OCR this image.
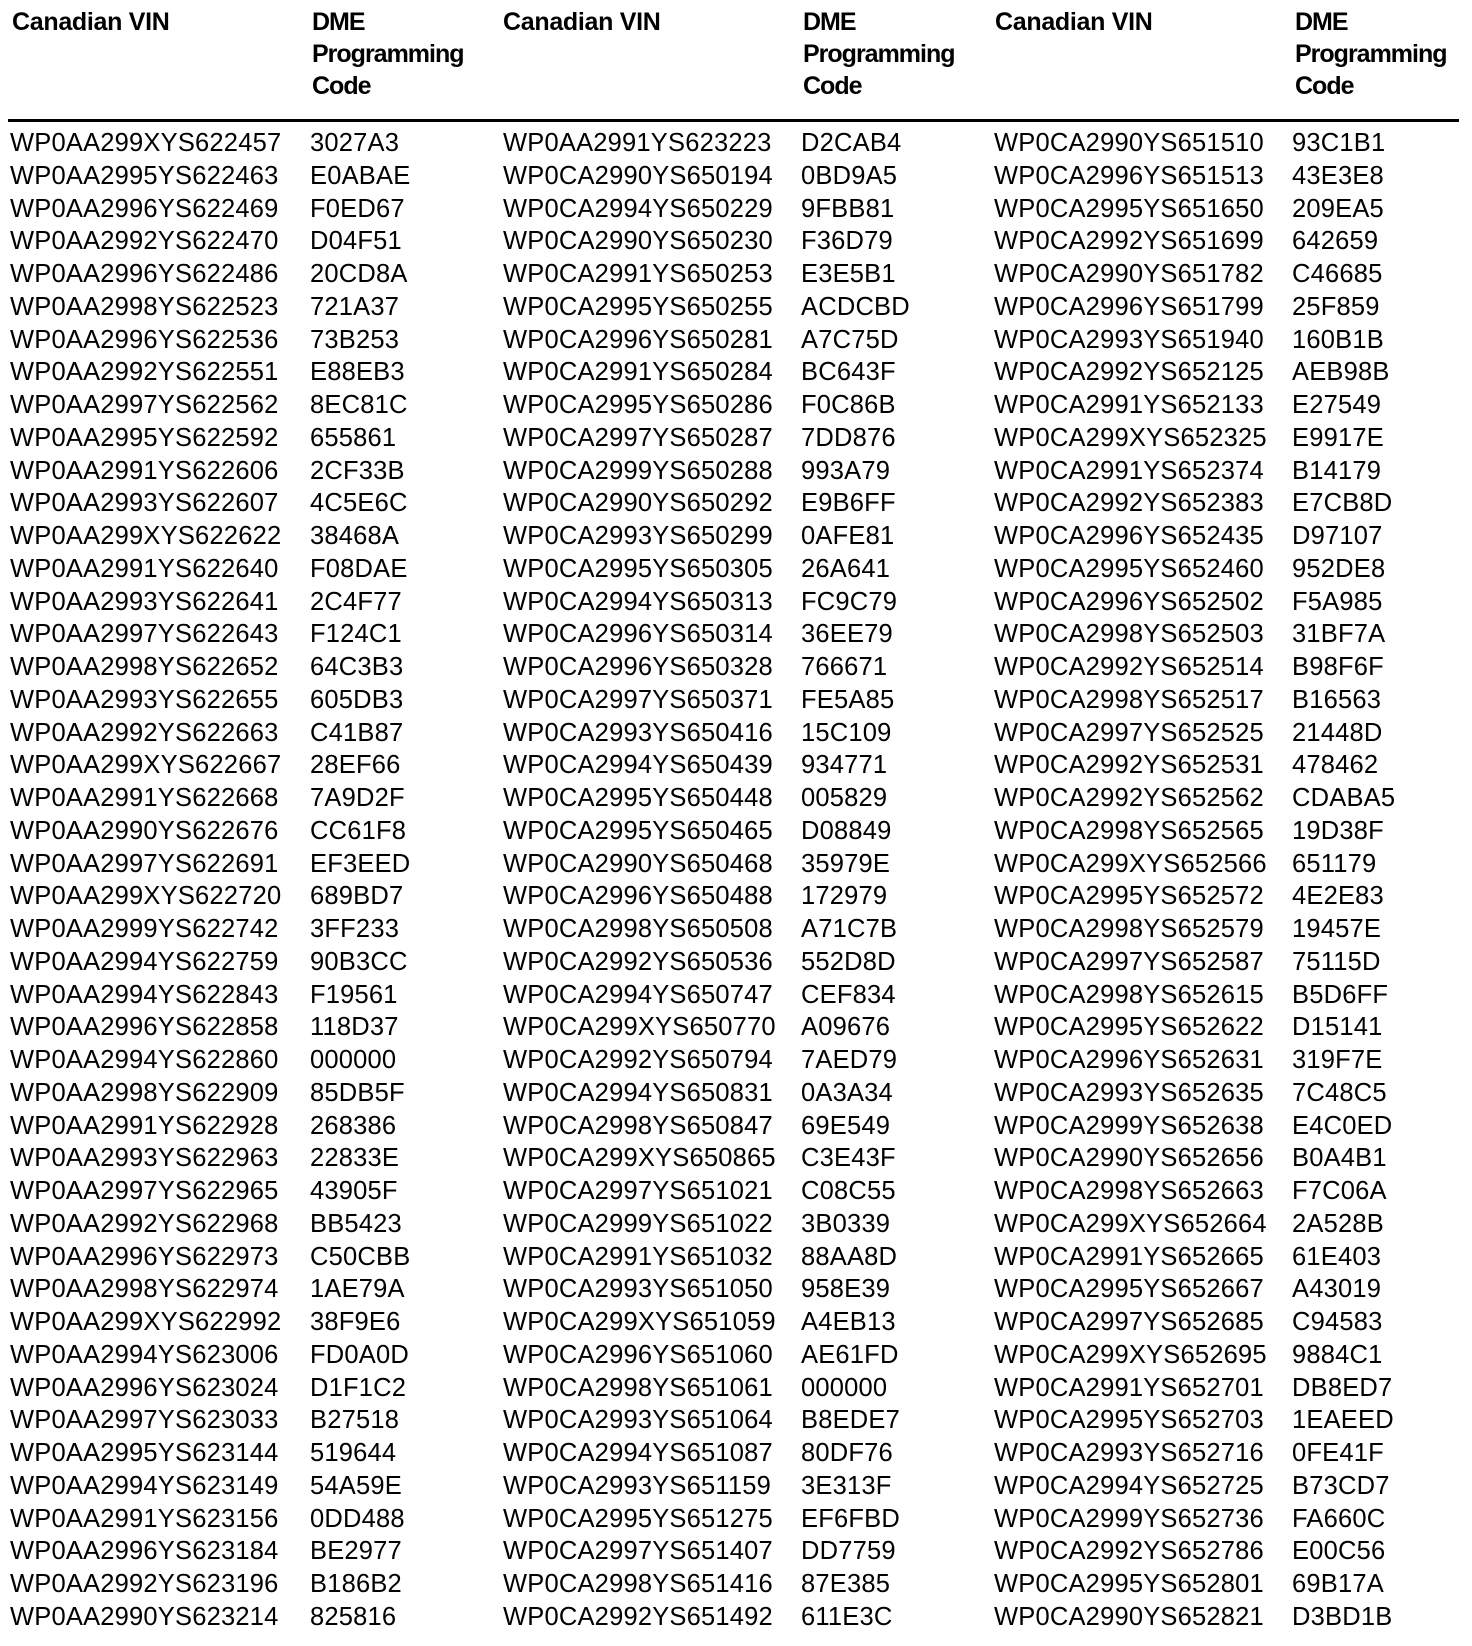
Canadian VIN	DME
Programming
Code
Canadian VIN	DME
Programming
Code
Canadian VIN	DME
Programming
Code
WP0AA299XYS622457 3027A3
WP0AA2995YS622463 E0ABAE
WP0AA2996YS622469 F0ED67
WP0AA2992YS622470 D04F51
WP0AA2996YS622486 20CD8A
WP0AA2998YS622523 721A37
WP0AA2996YS622536 73B253
WP0AA2992YS622551 E88EB3
WP0AA2997YS622562 8EC81C
WP0AA2995YS622592 655861
WP0AA2991YS622606 2CF33B
WP0AA2993YS622607 4C5E6C
WP0AA299XYS622622 38468A
WP0AA2991YS622640 F08DAE
WP0AA2993YS622641 2C4F77
WP0AA2997YS622643 F124C1
WP0AA2998YS622652 64C3B3
WP0AA2993YS622655 605DB3
WP0AA2992YS622663 C41B87
WP0AA299XYS622667 28EF66
WP0AA2991YS622668 7A9D2F
WP0AA2990YS622676 CC61F8
WP0AA2997YS622691 EF3EED
WP0AA299XYS622720 689BD7
WP0AA2999YS622742 3FF233
WP0AA2994YS622759 90B3CC
WP0AA2994YS622843 F19561
WP0AA2996YS622858 118D37
WP0AA2994YS622860 000000
WP0AA2998YS622909 85DB5F
WP0AA2991YS622928 268386
WP0AA2993YS622963 22833E
WP0AA2997YS622965 43905F
WP0AA2992YS622968 BB5423
WP0AA2996YS622973 C50CBB
WP0AA2998YS622974 1AE79A
WP0AA299XYS622992 38F9E6
WP0AA2994YS623006 FD0A0D
WP0AA2996YS623024 D1F1C2
WP0AA2997YS623033 B27518
WP0AA2995YS623144 519644
WP0AA2994YS623149 54A59E
WP0AA2991YS623156 0DD488
WP0AA2996YS623184 BE2977
WP0AA2992YS623196 B186B2
WP0AA2990YS623214 825816
WP0AA2991YS623223 D2CAB4
WP0CA2990YS650194 0BD9A5
WP0CA2994YS650229 9FBB81
WP0CA2990YS650230 F36D79
WP0CA2991YS650253 E3E5B1
WP0CA2995YS650255 ACDCBD
WP0CA2996YS650281 A7C75D
WP0CA2991YS650284 BC643F
WP0CA2995YS650286 F0C86B
WP0CA2997YS650287 7DD876
WP0CA2999YS650288 993A79
WP0CA2990YS650292 E9B6FF
WP0CA2993YS650299 0AFE81
WP0CA2995YS650305 26A641
WP0CA2994YS650313 FC9C79
WP0CA2996YS650314 36EE79
WP0CA2996YS650328 766671
WP0CA2997YS650371 FE5A85
WP0CA2993YS650416 15C109
WP0CA2994YS650439 934771
WP0CA2995YS650448 005829
WP0CA2995YS650465 D08849
WP0CA2990YS650468 35979E
WP0CA2996YS650488 172979
WP0CA2998YS650508 A71C7B
WP0CA2992YS650536 552D8D
WP0CA2994YS650747 CEF834
WP0CA299XYS650770 A09676
WP0CA2992YS650794 7AED79
WP0CA2994YS650831 0A3A34
WP0CA2998YS650847 69E549
WP0CA299XYS650865 C3E43F
WP0CA2997YS651021 C08C55
WP0CA2999YS651022 3B0339
WP0CA2991YS651032 88AA8D
WP0CA2993YS651050 958E39
WP0CA299XYS651059 A4EB13
WP0CA2996YS651060 AE61FD
WP0CA2998YS651061 000000
WP0CA2993YS651064 B8EDE7
WP0CA2994YS651087 80DF76
WP0CA2993YS651159 3E313F
WP0CA2995YS651275 EF6FBD
WP0CA2997YS651407 DD7759
WP0CA2998YS651416 87E385
WP0CA2992YS651492 611E3C
WP0CA2990YS651510 93C1B1
WP0CA2996YS651513 43E3E8
WP0CA2995YS651650 209EA5
WP0CA2992YS651699 642659
WP0CA2990YS651782 C46685
WP0CA2996YS651799 25F859
WP0CA2993YS651940 160B1B
WP0CA2992YS652125 AEB98B
WP0CA2991YS652133 E27549
WP0CA299XYS652325 E9917E
WP0CA2991YS652374 B14179
WP0CA2992YS652383 E7CB8D
WP0CA2996YS652435 D97107
WP0CA2995YS652460 952DE8
WP0CA2996YS652502 F5A985
WP0CA2998YS652503 31BF7A
WP0CA2992YS652514 B98F6F
WP0CA2998YS652517 B16563
WP0CA2997YS652525 21448D
WP0CA2992YS652531 478462
WP0CA2992YS652562 CDABA5
WP0CA2998YS652565 19D38F
WP0CA299XYS652566 651179
WP0CA2995YS652572 4E2E83
WP0CA2998YS652579 19457E
WP0CA2997YS652587 75115D
WP0CA2998YS652615 B5D6FF
WP0CA2995YS652622 D15141
WP0CA2996YS652631 319F7E
WP0CA2993YS652635 7C48C5
WP0CA2999YS652638 E4C0ED
WP0CA2990YS652656 B0A4B1
WP0CA2998YS652663 F7C06A
WP0CA299XYS652664 2A528B
WP0CA2991YS652665 61E403
WP0CA2995YS652667 A43019
WP0CA2997YS652685 C94583
WP0CA299XYS652695 9884C1
WP0CA2991YS652701 DB8ED7
WP0CA2995YS652703 1EAEED
WP0CA2993YS652716 0FE41F
WP0CA2994YS652725 B73CD7
WP0CA2999YS652736 FA660C
WP0CA2992YS652786 E00C56
WP0CA2995YS652801 69B17A
WP0CA2990YS652821 D3BD1B
